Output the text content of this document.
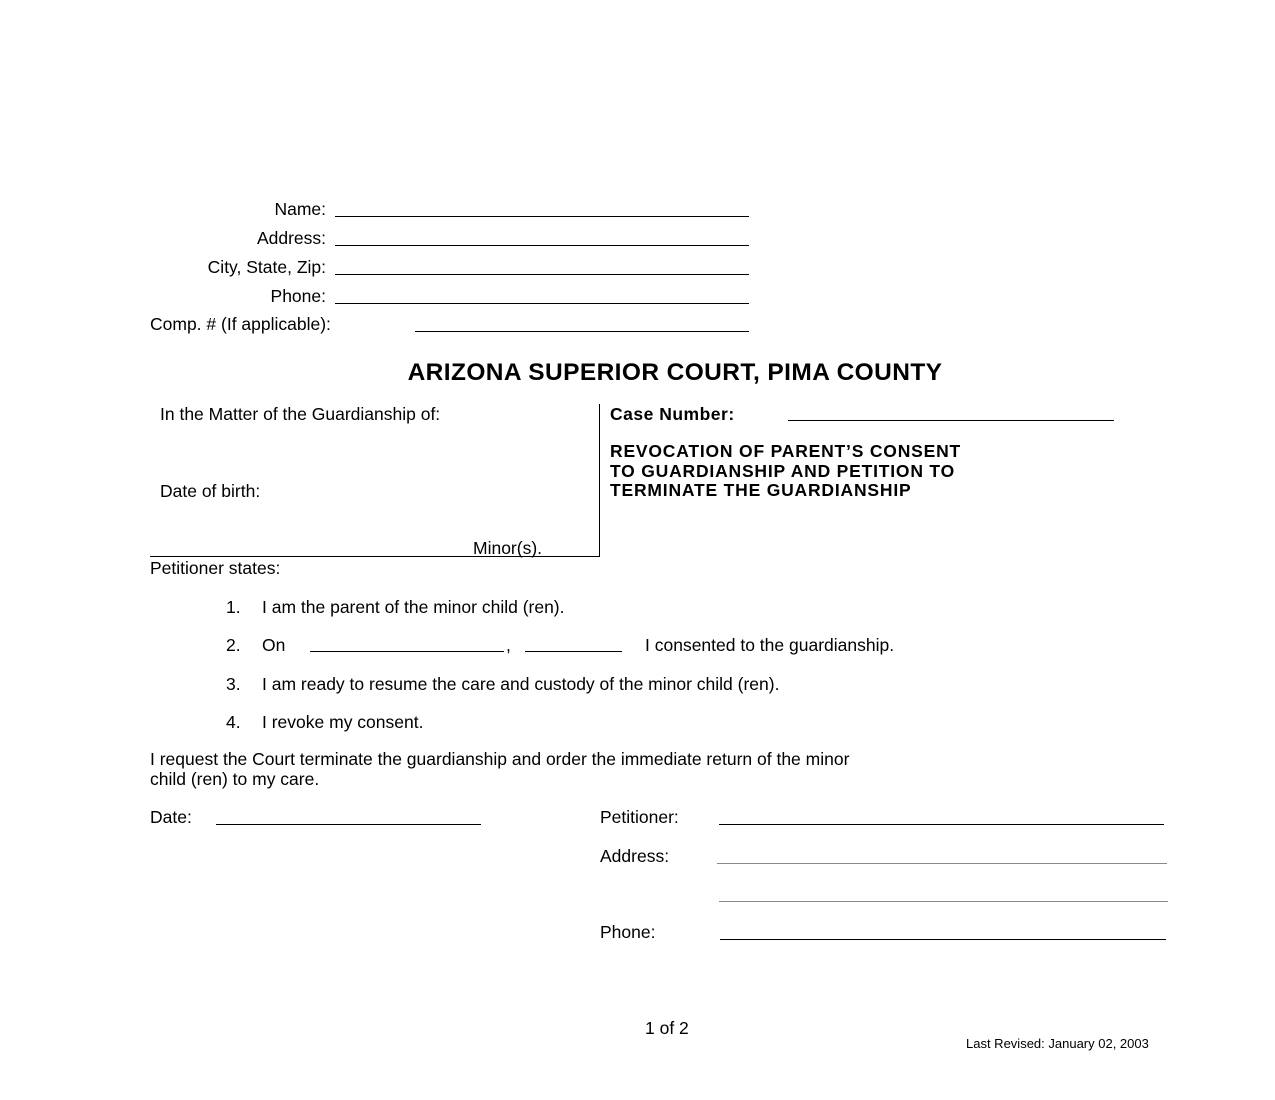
Name:
Address:
City, State, Zip:
Phone:
Comp. # (If applicable):
ARIZONA SUPERIOR COURT, PIMA COUNTY
In the Matter of the Guardianship of:
Date of birth:
Minor(s).
Case Number:
REVOCATION OF PARENT’S CONSENT
TO GUARDIANSHIP AND PETITION TO
TERMINATE THE GUARDIANSHIP
Petitioner states:
1. I am the parent of the minor child (ren).
2. On	,	I consented to the guardianship.
3. I am ready to resume the care and custody of the minor child (ren).
4. I revoke my consent.
I request the Court terminate the guardianship and order the immediate return of the minor
child (ren) to my care.
Date:	Petitioner:
Address:
Phone:
1 of 2
Last Revised: January 02, 2003
